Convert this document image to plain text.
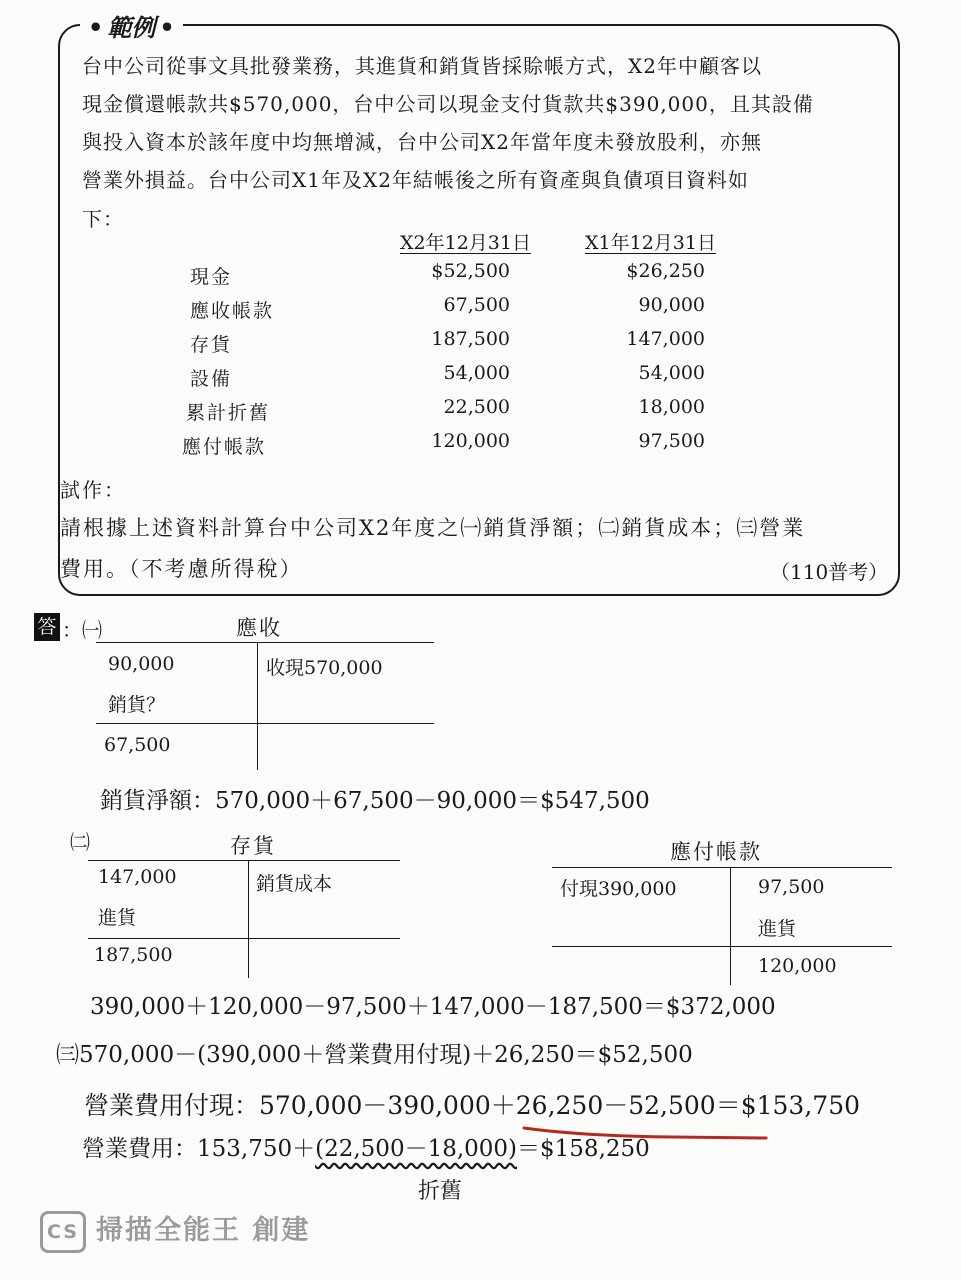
• 範例 •
台中公司從事文具批發業務，其進貨和銷貨皆採賒帳方式，X2年中顧客以
現金償還帳款共$570,000，台中公司以現金支付貨款共$390,000，且其設備
與投入資本於該年度中均無增減，台中公司X2年當年度未發放股利，亦無
營業外損益。台中公司X1年及X2年結帳後之所有資產與負債項目資料如
下：
X2年12月31日	X1年12月31日
現金	$52,500	$26,250
應收帳款	67,500	90,000
存貨	187,500	147,000
設備	54,000	54,000
累計折舊	22,500	18,000
應付帳款	120,000	97,500
試作：
請根據上述資料計算台中公司X2年度之㈠銷貨淨額；㈡銷貨成本；㈢營業
費用。（不考慮所得稅）	（110普考）
答 ：㈠	應收
90,000
銷貨？
收現570,000
67,500
銷貨淨額：570,000＋67,500－90,000＝$547,500
㈡	存貨
147,000
進貨
銷貨成本
187,500
應付帳款
付現390,000	97,500
進貨
120,000
390,000＋120,000－97,500＋147,000－187,500＝$372,000
㈢570,000－(390,000＋營業費用付現)＋26,250＝$52,500
營業費用付現：570,000－390,000＋26,250－52,500＝$153,750
營業費用：153,750＋(22,500－18,000)＝$158,250
折舊
CS 掃描全能王 創建
